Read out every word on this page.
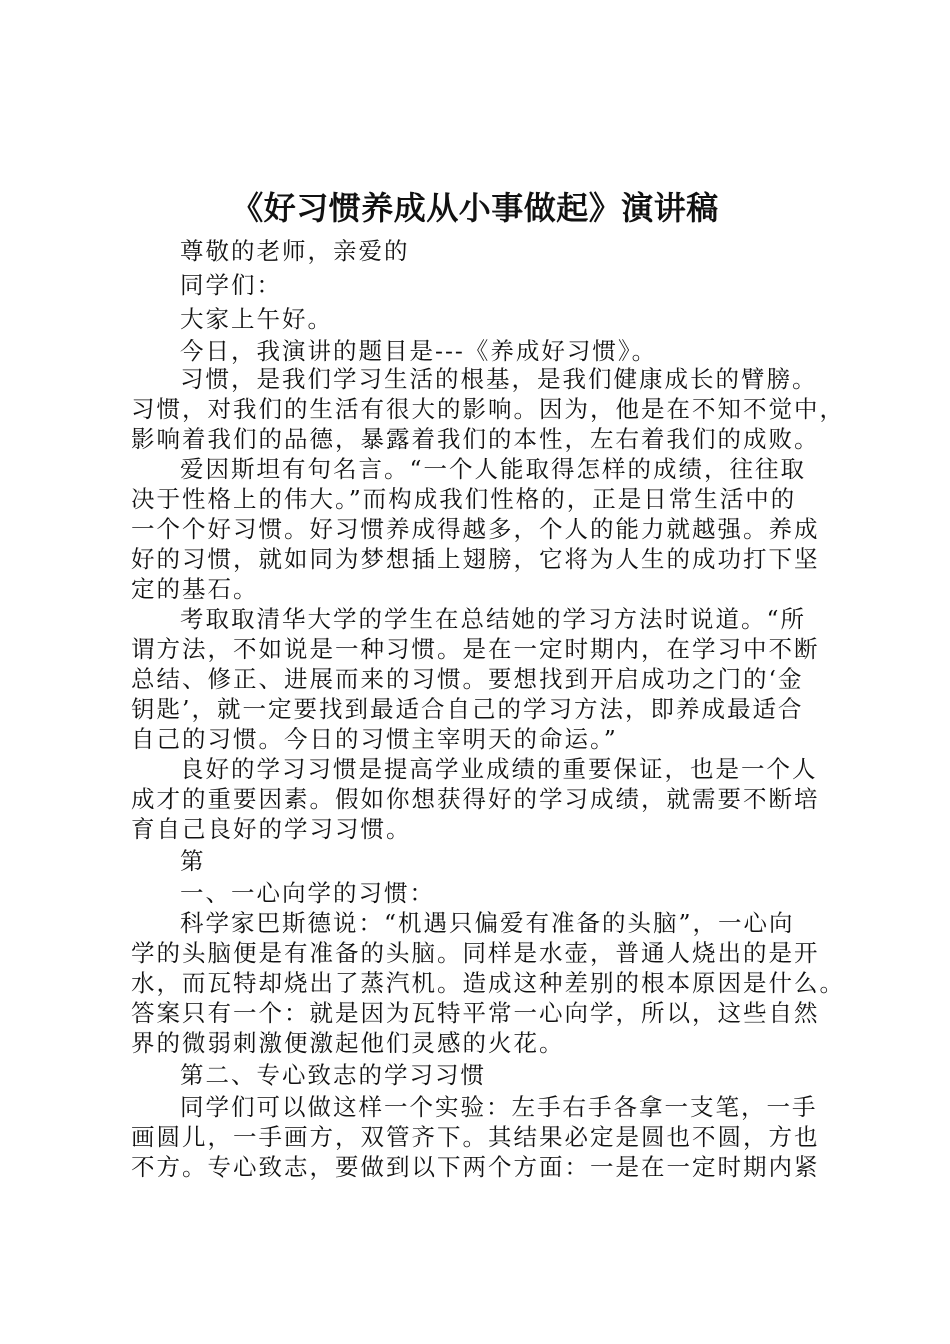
《好习惯养成从小事做起》演讲稿
尊敬的老师，亲爱的
同学们：
大家上午好。
今日，我演讲的题目是---《养成好习惯》。
习惯，是我们学习生活的根基，是我们健康成长的臂膀。
习惯，对我们的生活有很大的影响。因为，他是在不知不觉中，
影响着我们的品德，暴露着我们的本性，左右着我们的成败。
爱因斯坦有句名言。“一个人能取得怎样的成绩，往往取
决于性格上的伟大。”而构成我们性格的，正是日常生活中的
一个个好习惯。好习惯养成得越多，个人的能力就越强。养成
好的习惯，就如同为梦想插上翅膀，它将为人生的成功打下坚
定的基石。
考取取清华大学的学生在总结她的学习方法时说道。“所
谓方法，不如说是一种习惯。是在一定时期内，在学习中不断
总结、修正、进展而来的习惯。要想找到开启成功之门的‘金
钥匙’，就一定要找到最适合自己的学习方法，即养成最适合
自己的习惯。今日的习惯主宰明天的命运。”
良好的学习习惯是提高学业成绩的重要保证，也是一个人
成才的重要因素。假如你想获得好的学习成绩，就需要不断培
育自己良好的学习习惯。
第
一、一心向学的习惯：
科学家巴斯德说：“机遇只偏爱有准备的头脑”，一心向
学的头脑便是有准备的头脑。同样是水壶，普通人烧出的是开
水，而瓦特却烧出了蒸汽机。造成这种差别的根本原因是什么。
答案只有一个：就是因为瓦特平常一心向学，所以，这些自然
界的微弱刺激便激起他们灵感的火花。
第二、专心致志的学习习惯
同学们可以做这样一个实验：左手右手各拿一支笔，一手
画圆儿，一手画方，双管齐下。其结果必定是圆也不圆，方也
不方。专心致志，要做到以下两个方面：一是在一定时期内紧
